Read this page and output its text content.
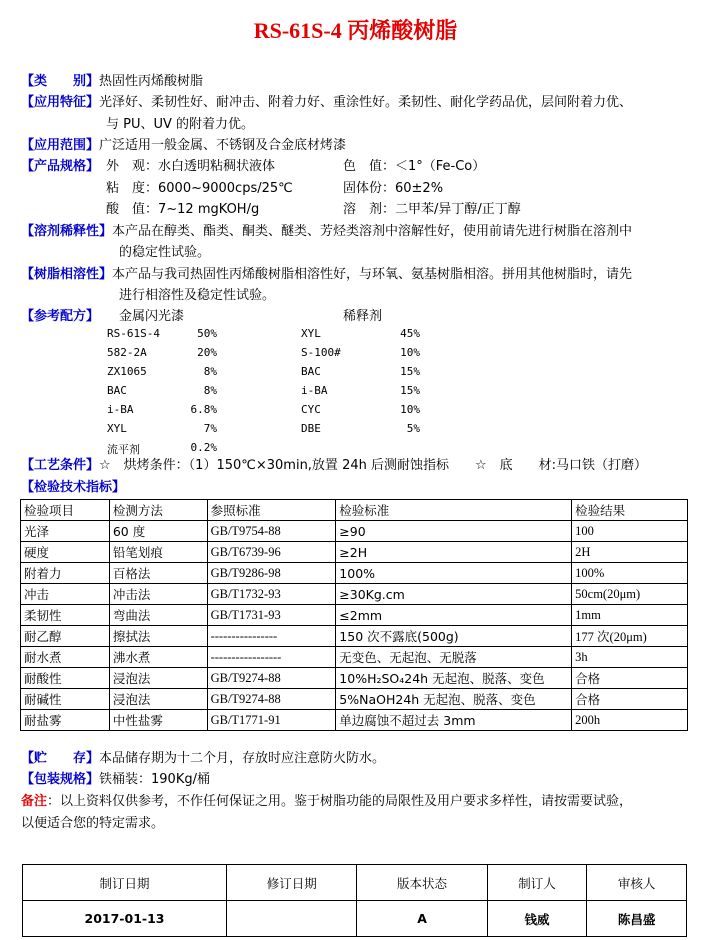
RS-61S-4 丙烯酸树脂
【类　　别】热固性丙烯酸树脂
【应用特征】光泽好、柔韧性好、耐冲击、附着力好、重涂性好。柔韧性、耐化学药品优，层间附着力优、
与 PU、UV 的附着力优。
【应用范围】广泛适用一般金属、不锈钢及合金底材烤漆
【产品规格】 外　观：水白透明粘稠状液体	色　值：＜1°（Fe-Co）
粘　度：6000~9000cps/25℃	固体份：60±2%
酸　值：7~12 mgKOH/g	溶　剂：二甲苯/异丁醇/正丁醇
【溶剂稀释性】本产品在醇类、酯类、酮类、醚类、芳烃类溶剂中溶解性好，使用前请先进行树脂在溶剂中
的稳定性试验。
【树脂相溶性】本产品与我司热固性丙烯酸树脂相溶性好，与环氧、氨基树脂相溶。拼用其他树脂时，请先
进行相溶性及稳定性试验。
【参考配方】 金属闪光漆	稀释剂
RS-61S-4	50%
582-2A	20%
ZX1065	8%
BAC	8%
i-BA	6.8%
XYL	7%
流平剂	0.2%
XYL	45%
S-100#	10%
BAC	15%
i-BA	15%
CYC	10%
DBE	5%
【工艺条件】☆　烘烤条件：（1）150℃×30min,放置 24h 后测耐蚀指标　　☆　底　　材:马口铁（打磨）
【检验技术指标】
检验项目	检测方法	参照标准	检验标准	检验结果
光泽	60 度	GB/T9754-88	≥90	100
硬度	铅笔划痕	GB/T6739-96	≥2H	2H
附着力	百格法	GB/T9286-98	100%	100%
冲击	冲击法	GB/T1732-93	≥30Kg.cm	50cm(20μm)
柔韧性	弯曲法	GB/T1731-93	≤2mm	1mm
耐乙醇	擦拭法	----------------	150 次不露底(500g)	177 次(20μm)
耐水煮	沸水煮	-----------------	无变色、无起泡、无脱落	3h
耐酸性	浸泡法	GB/T9274-88	10%H₂SO₄24h 无起泡、脱落、变色	合格
耐碱性	浸泡法	GB/T9274-88	5%NaOH24h 无起泡、脱落、变色	合格
耐盐雾	中性盐雾	GB/T1771-91	单边腐蚀不超过去 3mm	200h
【贮　　存】本品储存期为十二个月，存放时应注意防火防水。
【包装规格】铁桶装：190Kg/桶
备注：以上资料仅供参考，不作任何保证之用。鉴于树脂功能的局限性及用户要求多样性，请按需要试验，
以便适合您的特定需求。
制订日期	修订日期	版本状态	制订人	审核人
2017-01-13		A	钱威	陈昌盛
